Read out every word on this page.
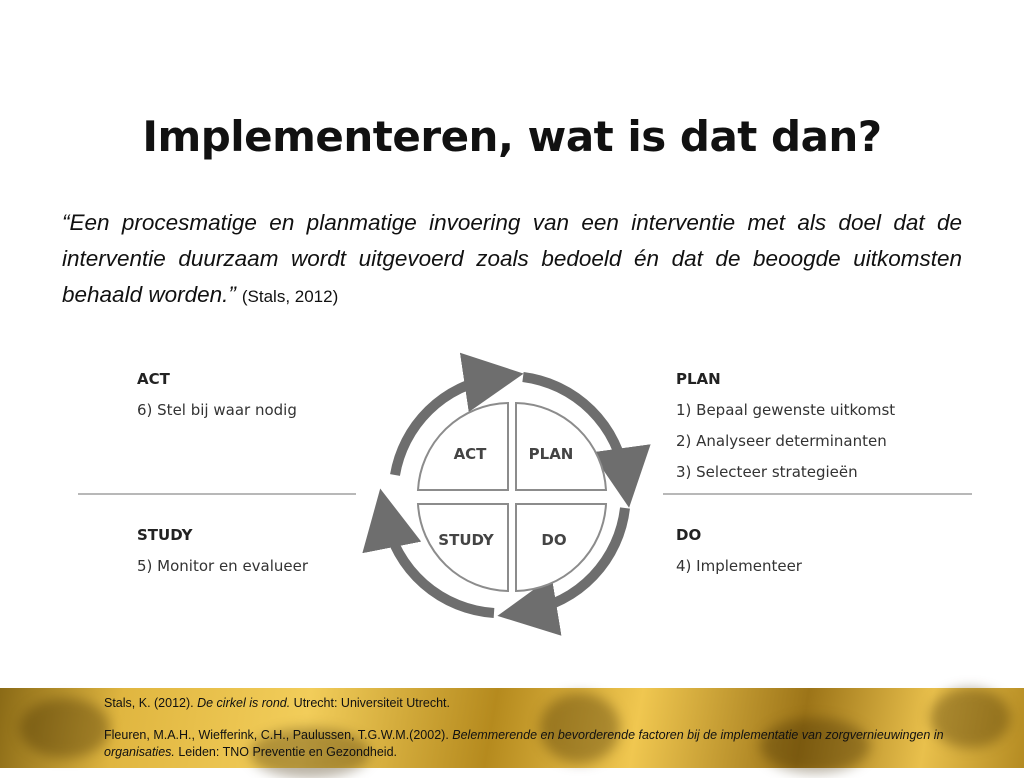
Implementeren, wat is dat dan?
“Een procesmatige en planmatige invoering van een interventie met als doel dat de interventie duurzaam wordt uitgevoerd zoals bedoeld én dat de beoogde uitkomsten behaald worden.” (Stals, 2012)
ACT	PLAN
STUDY	DO
ACT
6) Stel bij waar nodig
PLAN
1) Bepaal gewenste uitkomst
2) Analyseer determinanten
3) Selecteer strategieën
STUDY
5) Monitor en evalueer
DO
4) Implementeer
Stals, K. (2012). De cirkel is rond. Utrecht: Universiteit Utrecht.
Fleuren, M.A.H., Wiefferink, C.H., Paulussen, T.G.W.M.(2002). Belemmerende en bevorderende factoren bij de implementatie van zorgvernieuwingen in organisaties. Leiden: TNO Preventie en Gezondheid.
